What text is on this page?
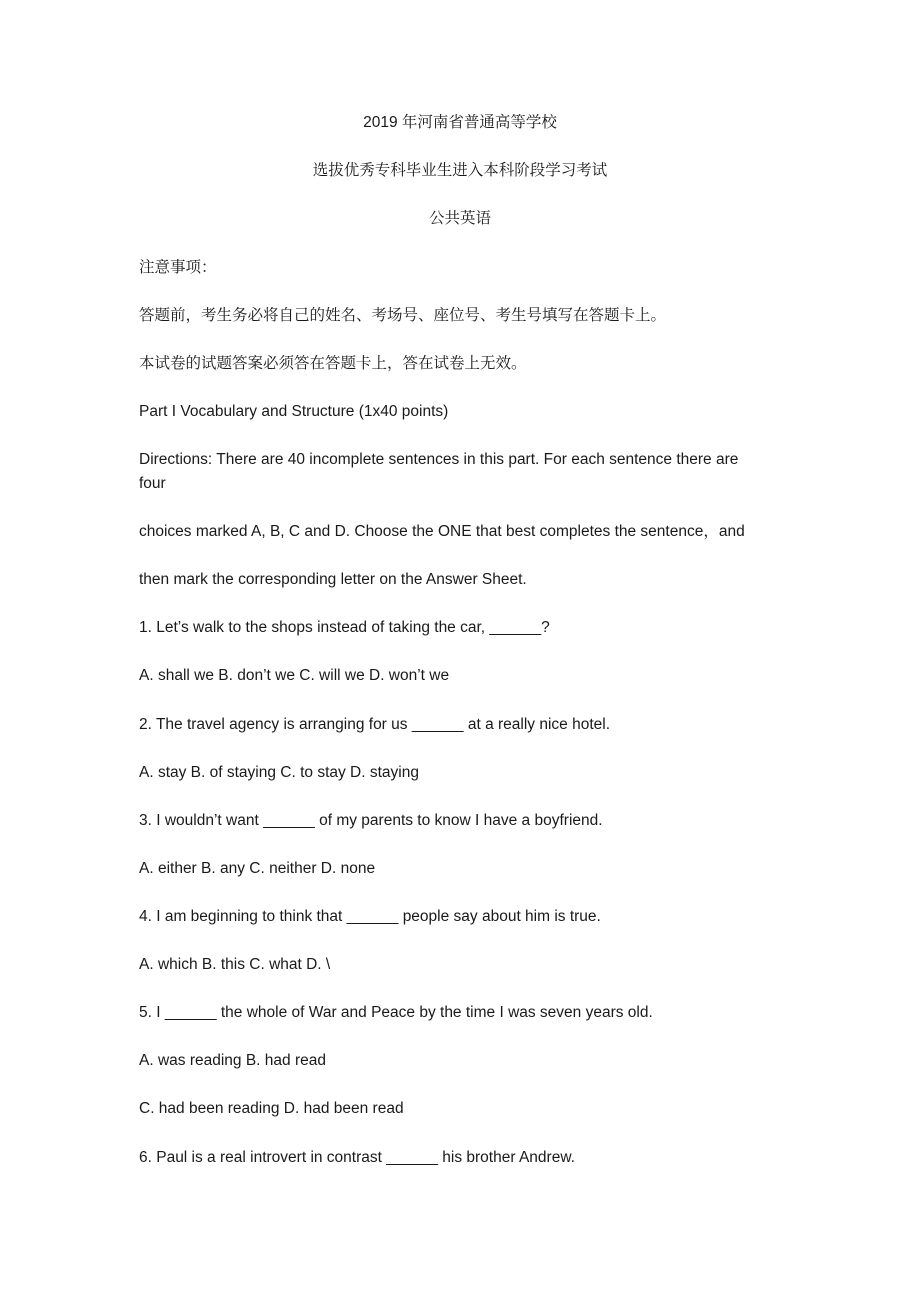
2019 年河南省普通高等学校
选拔优秀专科毕业生进入本科阶段学习考试
公共英语
注意事项：
答题前，考生务必将自己的姓名、考场号、座位号、考生号填写在答题卡上。
本试卷的试题答案必须答在答题卡上，答在试卷上无效。
Part I Vocabulary and Structure (1x40 points)
Directions: There are 40 incomplete sentences in this part. For each sentence there are
four
choices marked A, B, C and D. Choose the ONE that best completes the sentence，and
then mark the corresponding letter on the Answer Sheet.
1. Let’s walk to the shops instead of taking the car, ______?
A. shall we B. don’t we C. will we D. won’t we
2. The travel agency is arranging for us ______ at a really nice hotel.
A. stay B. of staying C. to stay D. staying
3. I wouldn’t want ______ of my parents to know I have a boyfriend.
A. either B. any C. neither D. none
4. I am beginning to think that ______ people say about him is true.
A. which B. this C. what D. \
5. I ______ the whole of War and Peace by the time I was seven years old.
A. was reading B. had read
C. had been reading D. had been read
6. Paul is a real introvert in contrast ______ his brother Andrew.
